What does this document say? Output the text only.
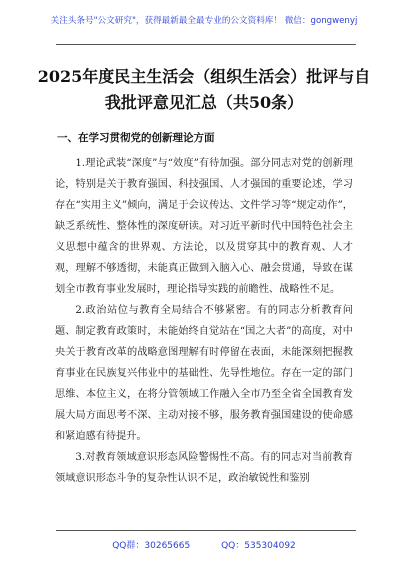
关注头条号"公文研究"，获得最新最全最专业的公文资料库！ 微信：gongwenyj
2025年度民主生活会（组织生活会）批评与自我批评意见汇总（共50条）
一、在学习贯彻党的创新理论方面

1.理论武装“深度”与“效度”有待加强。部分同志对党的创新理论，特别是关于教育强国、科技强国、人才强国的重要论述，学习存在“实用主义”倾向，满足于会议传达、文件学习等“规定动作”，缺乏系统性、整体性的深度研读。对习近平新时代中国特色社会主义思想中蕴含的世界观、方法论，以及贯穿其中的教育观、人才观，理解不够透彻，未能真正做到入脑入心、融会贯通，导致在谋划全市教育事业发展时，理论指导实践的前瞻性、战略性不足。

2.政治站位与教育全局结合不够紧密。有的同志分析教育问题、制定教育政策时，未能始终自觉站在“国之大者”的高度，对中央关于教育改革的战略意图理解有时停留在表面，未能深刻把握教育事业在民族复兴伟业中的基础性、先导性地位。存在一定的部门思维、本位主义，在将分管领域工作融入全市乃至全省全国教育发展大局方面思考不深、主动对接不够，服务教育强国建设的使命感和紧迫感有待提升。

3.对教育领域意识形态风险警惕性不高。有的同志对当前教育领域意识形态斗争的复杂性认识不足，政治敏锐性和鉴别

QQ群：30265665	QQ：535304092
